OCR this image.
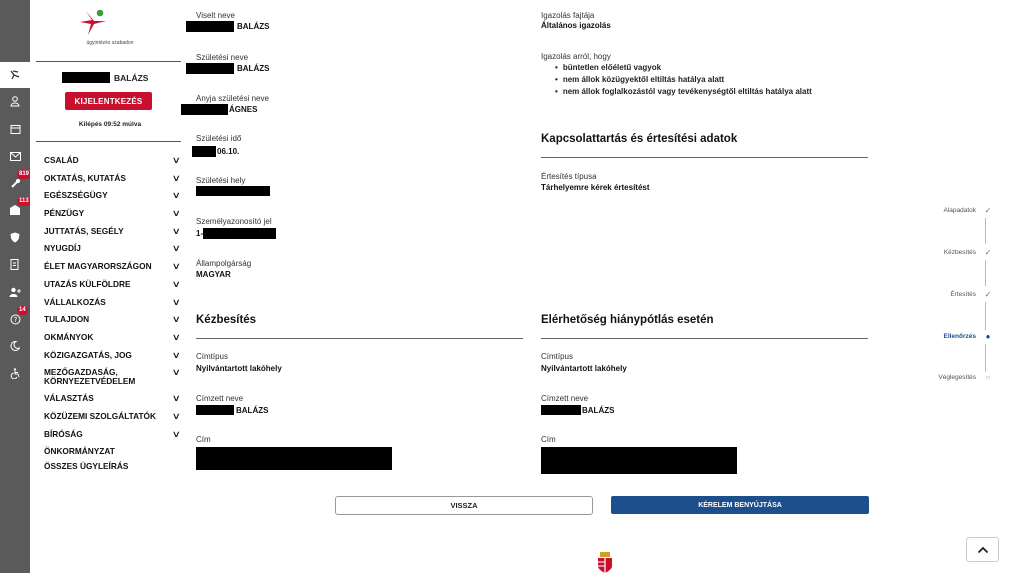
819
113
?
14
ügyintézés szabadon
BALÁZS
KIJELENTKEZÉS
Kilépés 09:52 múlva
CSALÁD	∨
OKTATÁS, KUTATÁS	∨
EGÉSZSÉGÜGY	∨
PÉNZÜGY	∨
JUTTATÁS, SEGÉLY	∨
NYUGDÍJ	∨
ÉLET MAGYARORSZÁGON ∨
UTAZÁS KÜLFÖLDRE	∨
VÁLLALKOZÁS	∨
TULAJDON	∨
OKMÁNYOK	∨
KÖZIGAZGATÁS, JOG	∨
MEZŐGAZDASÁG, KÖRNYEZETVÉDELEM
∨
VÁLASZTÁS	∨
KÖZÜZEMI SZOLGÁLTATÓK ∨
BÍRÓSÁG	∨
ÖNKORMÁNYZAT
ÖSSZES ÜGYLEÍRÁS
Viselt neve
BALÁZS
Születési neve
BALÁZS
Anyja születési neve
ÁGNES
Születési idő
06.10.
Születési hely
Személyazonosító jel
1-
Állampolgárság
MAGYAR
Igazolás fajtája
Általános igazolás
Igazolás arról, hogy
• büntetlen előéletű vagyok
• nem állok közügyektől eltiltás hatálya alatt
• nem állok foglalkozástól vagy tevékenységtől eltiltás hatálya alatt
Kapcsolattartás és értesítési adatok
Értesítés típusa
Tárhelyemre kérek értesítést
Kézbesítés
Címtípus
Nyilvántartott lakóhely
Címzett neve
BALÁZS
Cím
Elérhetőség hiánypótlás esetén
Címtípus
Nyilvántartott lakóhely
Címzett neve
BALÁZS
Cím
VISSZA	KÉRELEM BENYÚJTÁSA
Alapadatok	✓
Kézbesítés	✓
Értesítés	✓
Ellenőrzés	●
Véglegesítés	○
